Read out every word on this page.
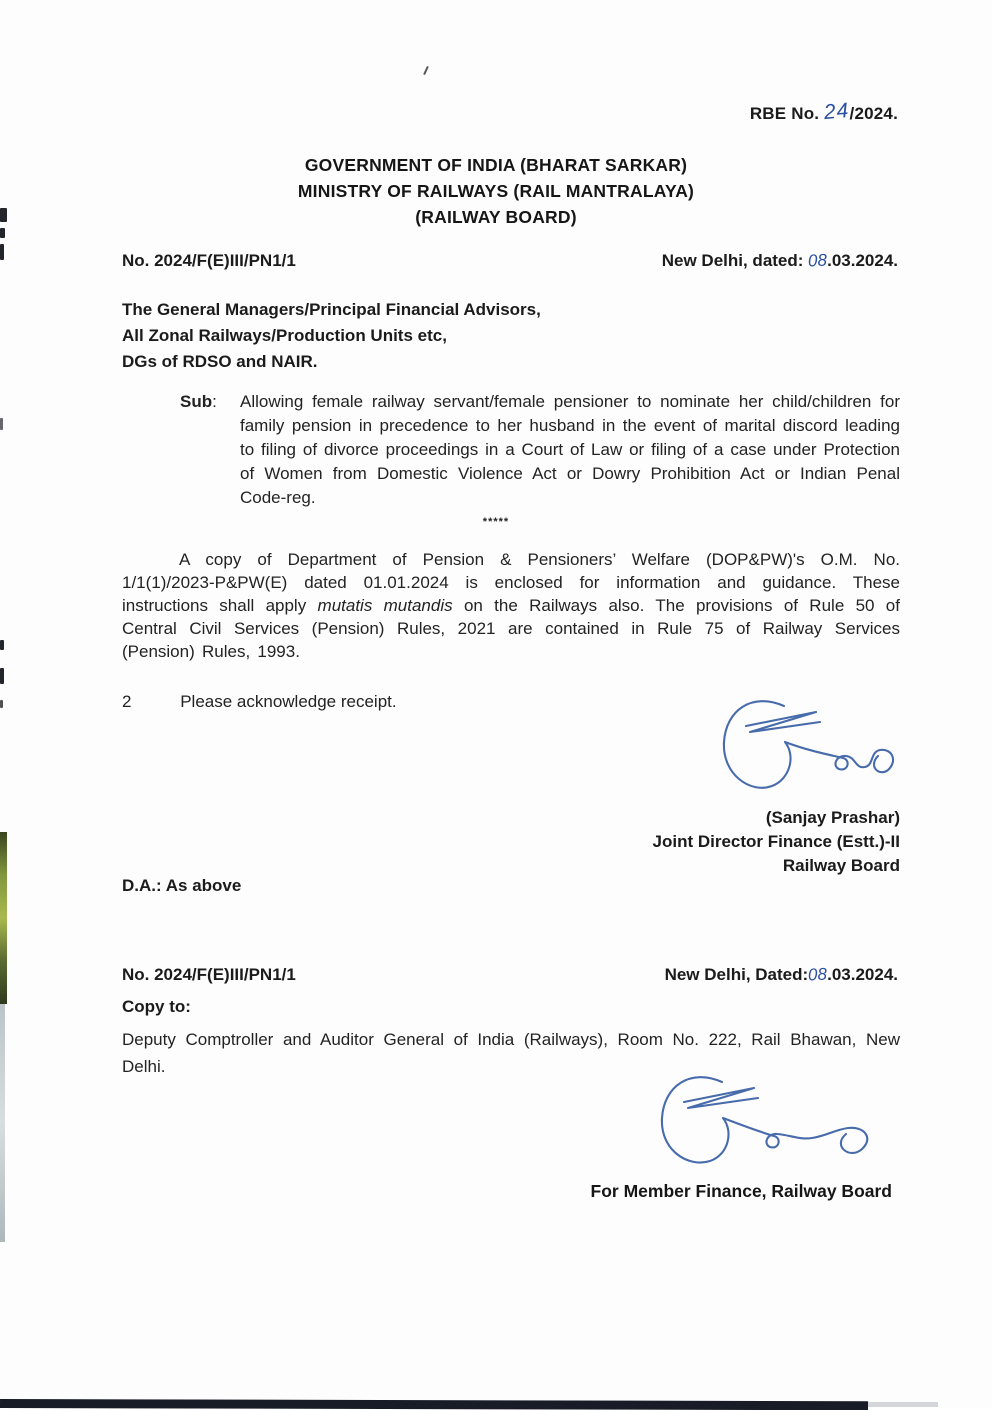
RBE No. 24/2024.
GOVERNMENT OF INDIA (BHARAT SARKAR)
MINISTRY OF RAILWAYS (RAIL MANTRALAYA)
(RAILWAY BOARD)
No. 2024/F(E)III/PN1/1	New Delhi, dated: 08.03.2024.
The General Managers/Principal Financial Advisors,
All Zonal Railways/Production Units etc,
DGs of RDSO and NAIR.
Sub:	Allowing female railway servant/female pensioner to nominate her child/children for family pension in precedence to her husband in the event of marital discord leading to filing of divorce proceedings in a Court of Law or filing of a case under Protection of Women from Domestic Violence Act or Dowry Prohibition Act or Indian Penal Code-reg.
*****
A copy of Department of Pension & Pensioners’ Welfare (DOP&PW)'s O.M. No. 1/1(1)/2023-P&PW(E) dated 01.01.2024 is enclosed for information and guidance. These instructions shall apply mutatis mutandis on the Railways also. The provisions of Rule 50 of Central Civil Services (Pension) Rules, 2021 are contained in Rule 75 of Railway Services (Pension) Rules, 1993.
2	Please acknowledge receipt.
(Sanjay Prashar)
Joint Director Finance (Estt.)-II
Railway Board
D.A.: As above
No. 2024/F(E)III/PN1/1	New Delhi, Dated:08.03.2024.
Copy to:
Deputy Comptroller and Auditor General of India (Railways), Room No. 222, Rail Bhawan, New Delhi.
For Member Finance, Railway Board
